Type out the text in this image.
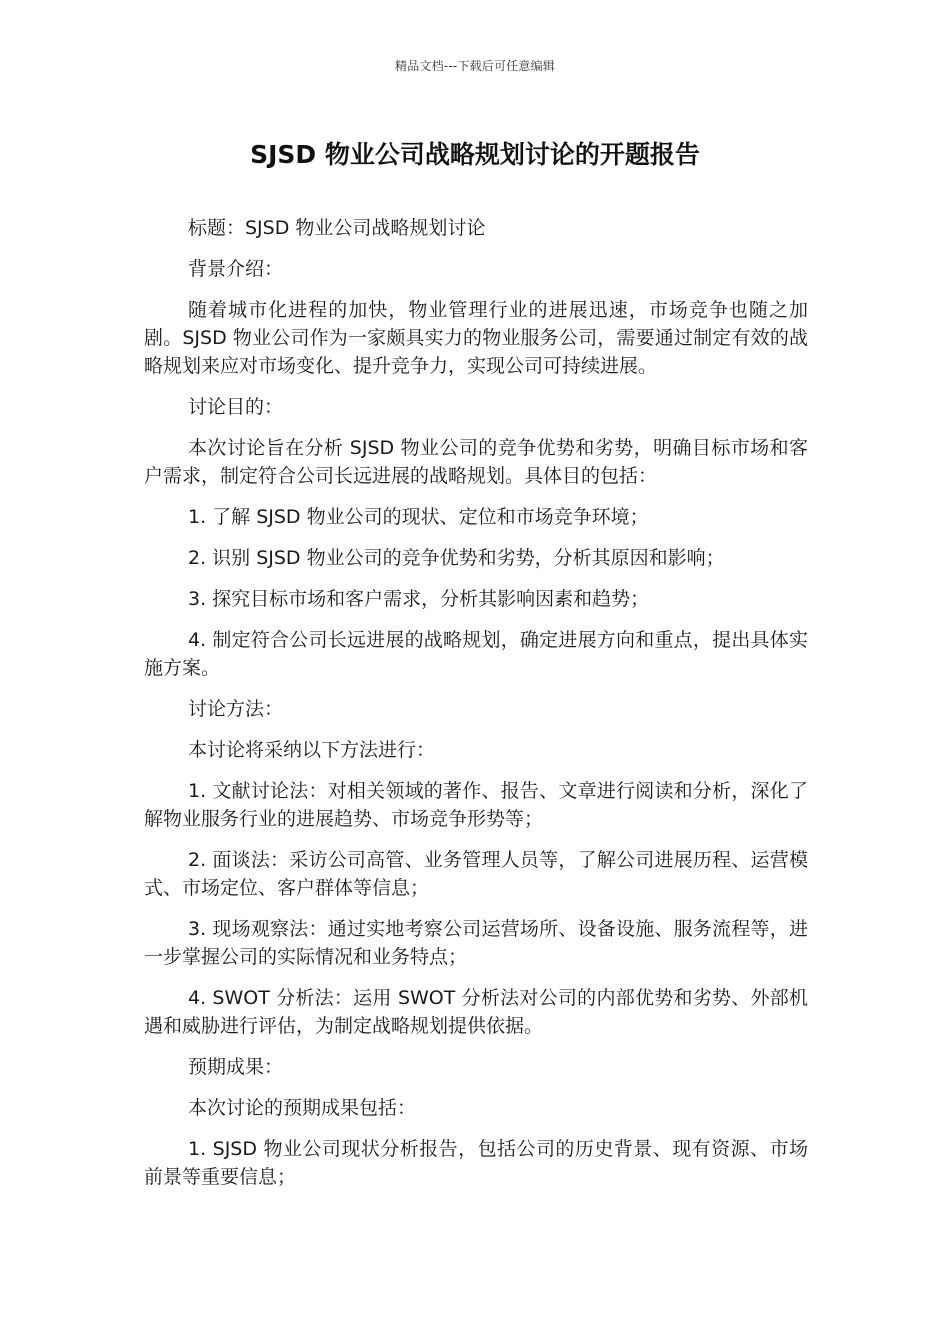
精品文档---下载后可任意编辑
SJSD 物业公司战略规划讨论的开题报告

标题：SJSD 物业公司战略规划讨论

背景介绍：

随着城市化进程的加快，物业管理行业的进展迅速，市场竞争也随之加剧。SJSD 物业公司作为一家颇具实力的物业服务公司，需要通过制定有效的战略规划来应对市场变化、提升竞争力，实现公司可持续进展。

讨论目的：

本次讨论旨在分析 SJSD 物业公司的竞争优势和劣势，明确目标市场和客户需求，制定符合公司长远进展的战略规划。具体目的包括：

1. 了解 SJSD 物业公司的现状、定位和市场竞争环境；

2. 识别 SJSD 物业公司的竞争优势和劣势，分析其原因和影响；

3. 探究目标市场和客户需求，分析其影响因素和趋势；

4. 制定符合公司长远进展的战略规划，确定进展方向和重点，提出具体实施方案。

讨论方法：

本讨论将采纳以下方法进行：

1. 文献讨论法：对相关领域的著作、报告、文章进行阅读和分析，深化了解物业服务行业的进展趋势、市场竞争形势等；

2. 面谈法：采访公司高管、业务管理人员等，了解公司进展历程、运营模式、市场定位、客户群体等信息；

3. 现场观察法：通过实地考察公司运营场所、设备设施、服务流程等，进一步掌握公司的实际情况和业务特点；

4. SWOT 分析法：运用 SWOT 分析法对公司的内部优势和劣势、外部机遇和威胁进行评估，为制定战略规划提供依据。

预期成果：

本次讨论的预期成果包括：

1. SJSD 物业公司现状分析报告，包括公司的历史背景、现有资源、市场前景等重要信息；
